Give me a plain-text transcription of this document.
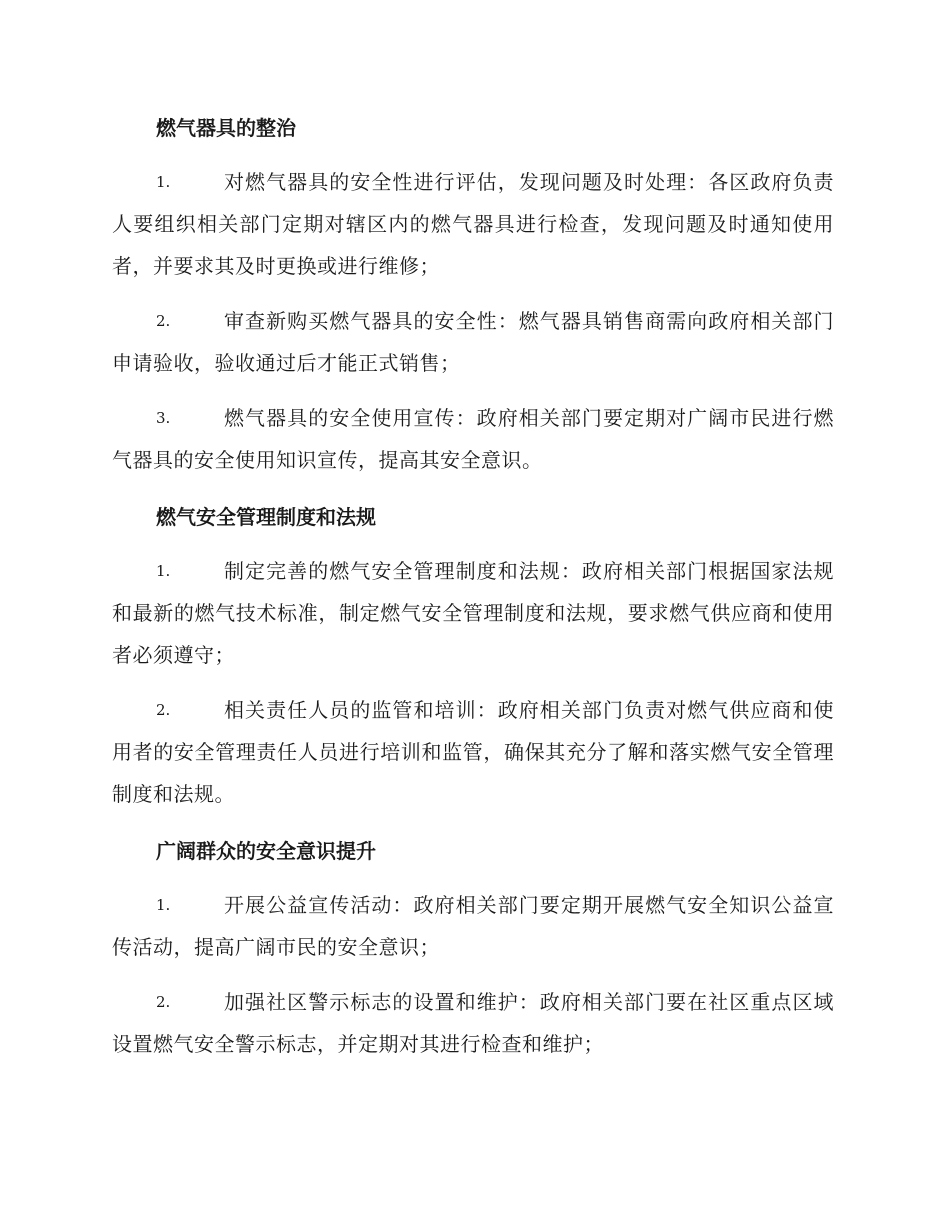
燃气器具的整治
1.	对燃气器具的安全性进行评估，发现问题及时处理：各区政府负责人要组织相关部门定期对辖区内的燃气器具进行检查，发现问题及时通知使用者，并要求其及时更换或进行维修；
2.	审查新购买燃气器具的安全性：燃气器具销售商需向政府相关部门申请验收，验收通过后才能正式销售；
3.	燃气器具的安全使用宣传：政府相关部门要定期对广阔市民进行燃气器具的安全使用知识宣传，提高其安全意识。
燃气安全管理制度和法规
1.	制定完善的燃气安全管理制度和法规：政府相关部门根据国家法规和最新的燃气技术标准，制定燃气安全管理制度和法规，要求燃气供应商和使用者必须遵守；
2.	相关责任人员的监管和培训：政府相关部门负责对燃气供应商和使用者的安全管理责任人员进行培训和监管，确保其充分了解和落实燃气安全管理制度和法规。
广阔群众的安全意识提升
1.	开展公益宣传活动：政府相关部门要定期开展燃气安全知识公益宣传活动，提高广阔市民的安全意识；
2.	加强社区警示标志的设置和维护：政府相关部门要在社区重点区域设置燃气安全警示标志，并定期对其进行检查和维护；
